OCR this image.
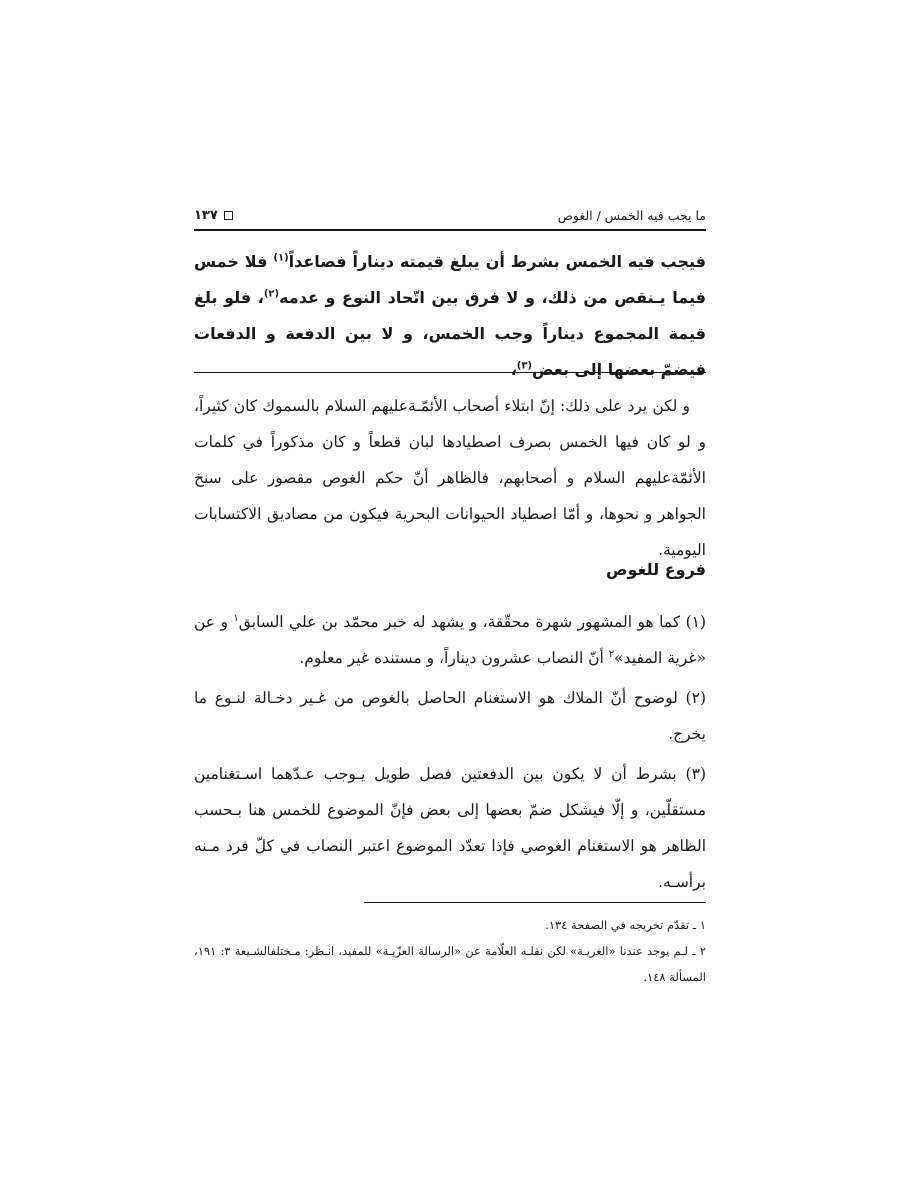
ما يجب فيه الخمس / الغوص
١٣٧
فيجب فيه الخمس بشرط أن يبلغ قيمته ديناراً فصاعداً$^{(١)}$ فلا خمس فيما يـنقص من ذلك، و لا فرق بين اتّحاد النوع و عدمه$^{(٢)}$، فلو بلغ قيمة المجموع ديناراً وجب الخمس، و لا بين الدفعة و الدفعات فيضمّ بعضها إلى بعض$^{(٣)}$،

و لكن يرد على ذلك: إنّ ابتلاء أصحاب الأئمّـةعليهم السلام بالسموك كان كثيراً، و لو كان فيها الخمس بصرف اصطيادها لبان قطعاً و كان مذكوراً في كلمات الأئمّةعليهم السلام و أصحابهم، فالظاهر أنّ حكم الغوص مقصور على سنخ الجواهر و نحوها، و أمّا اصطياد الحيوانات البحرية فيكون من مصاديق الاكتسابات اليومية.

فروع للغوص

(١) كما هو المشهور شهرة محقّقة، و يشهد له خبر محمّد بن علي السابق$^١$ و عن «غرية المفيد»$^٢$ أنّ النصاب عشرون ديناراً، و مستنده غير معلوم.

(٢) لوضوح أنّ الملاك هو الاستغنام الحاصل بالغوص من غـير دخـالة لنـوع ما يخرج.

(٣) بشرط أن لا يكون بين الدفعتين فصل طويل يـوجب عـدّهما اسـتغنامين مستقلّين، و إلّا فيشكل ضمّ بعضها إلى بعض فإنّ الموضوع للخمس هنا بـحسب الظاهر هو الاستغنام الغوصي فإذا تعدّد الموضوع اعتبر النصاب في كلّ فرد مـنه برأسـه.

١ ـ تقدّم تخريجه في الصفحة ١٣٤.

٢ ـ لـم يوجد عندنا «الغريـة» لكن نقلـه العلّامة عن «الرسالة العزّيـة» للمفيد، انـظر: مـختلفالشـيعة ٣: ١٩١، المسألة ١٤٨.
